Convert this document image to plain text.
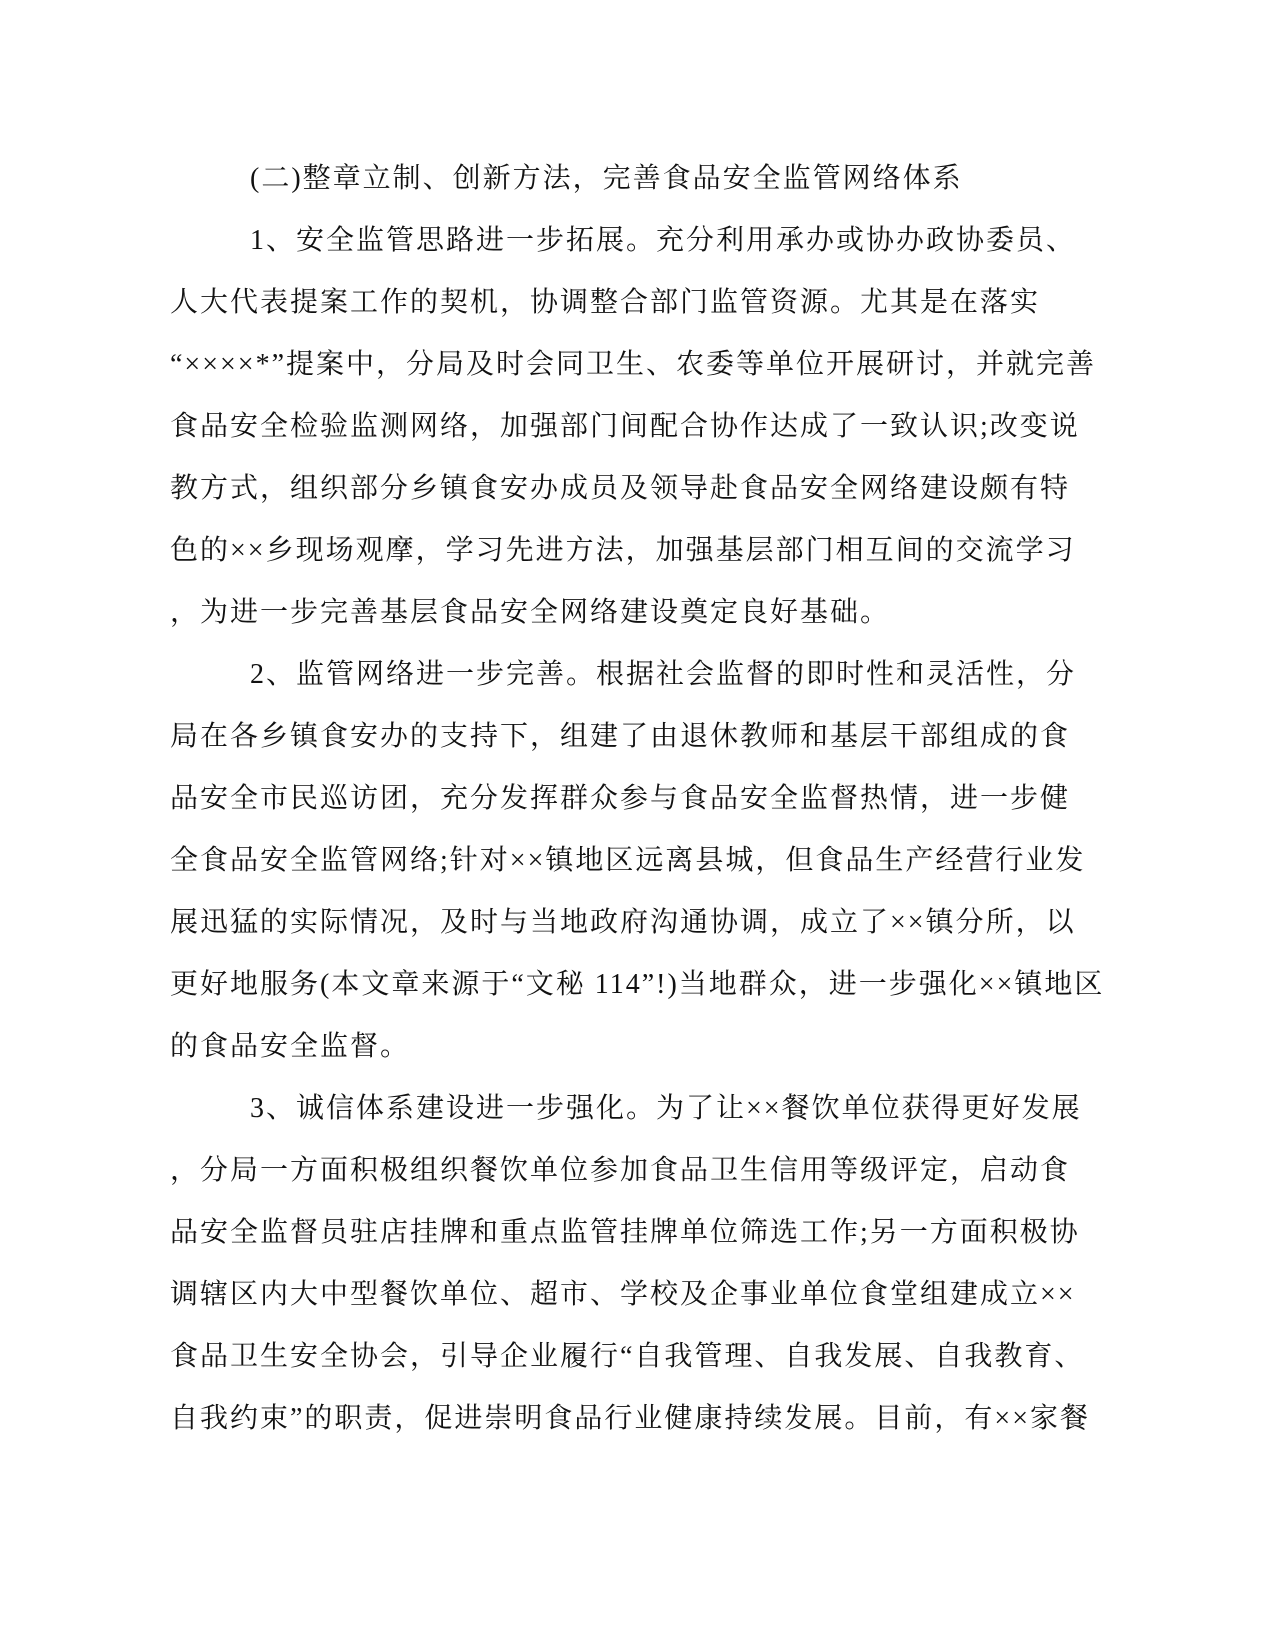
(二)整章立制、创新方法，完善食品安全监管网络体系
1、安全监管思路进一步拓展。充分利用承办或协办政协委员、
人大代表提案工作的契机，协调整合部门监管资源。尤其是在落实
“××××*”提案中，分局及时会同卫生、农委等单位开展研讨，并就完善
食品安全检验监测网络，加强部门间配合协作达成了一致认识;改变说
教方式，组织部分乡镇食安办成员及领导赴食品安全网络建设颇有特
色的××乡现场观摩，学习先进方法，加强基层部门相互间的交流学习
，为进一步完善基层食品安全网络建设奠定良好基础。
2、监管网络进一步完善。根据社会监督的即时性和灵活性，分
局在各乡镇食安办的支持下，组建了由退休教师和基层干部组成的食
品安全市民巡访团，充分发挥群众参与食品安全监督热情，进一步健
全食品安全监管网络;针对××镇地区远离县城，但食品生产经营行业发
展迅猛的实际情况，及时与当地政府沟通协调，成立了××镇分所，以
更好地服务(本文章来源于“文秘 114”!)当地群众，进一步强化××镇地区
的食品安全监督。
3、诚信体系建设进一步强化。为了让××餐饮单位获得更好发展
，分局一方面积极组织餐饮单位参加食品卫生信用等级评定，启动食
品安全监督员驻店挂牌和重点监管挂牌单位筛选工作;另一方面积极协
调辖区内大中型餐饮单位、超市、学校及企事业单位食堂组建成立××
食品卫生安全协会，引导企业履行“自我管理、自我发展、自我教育、
自我约束”的职责，促进崇明食品行业健康持续发展。目前，有××家餐
